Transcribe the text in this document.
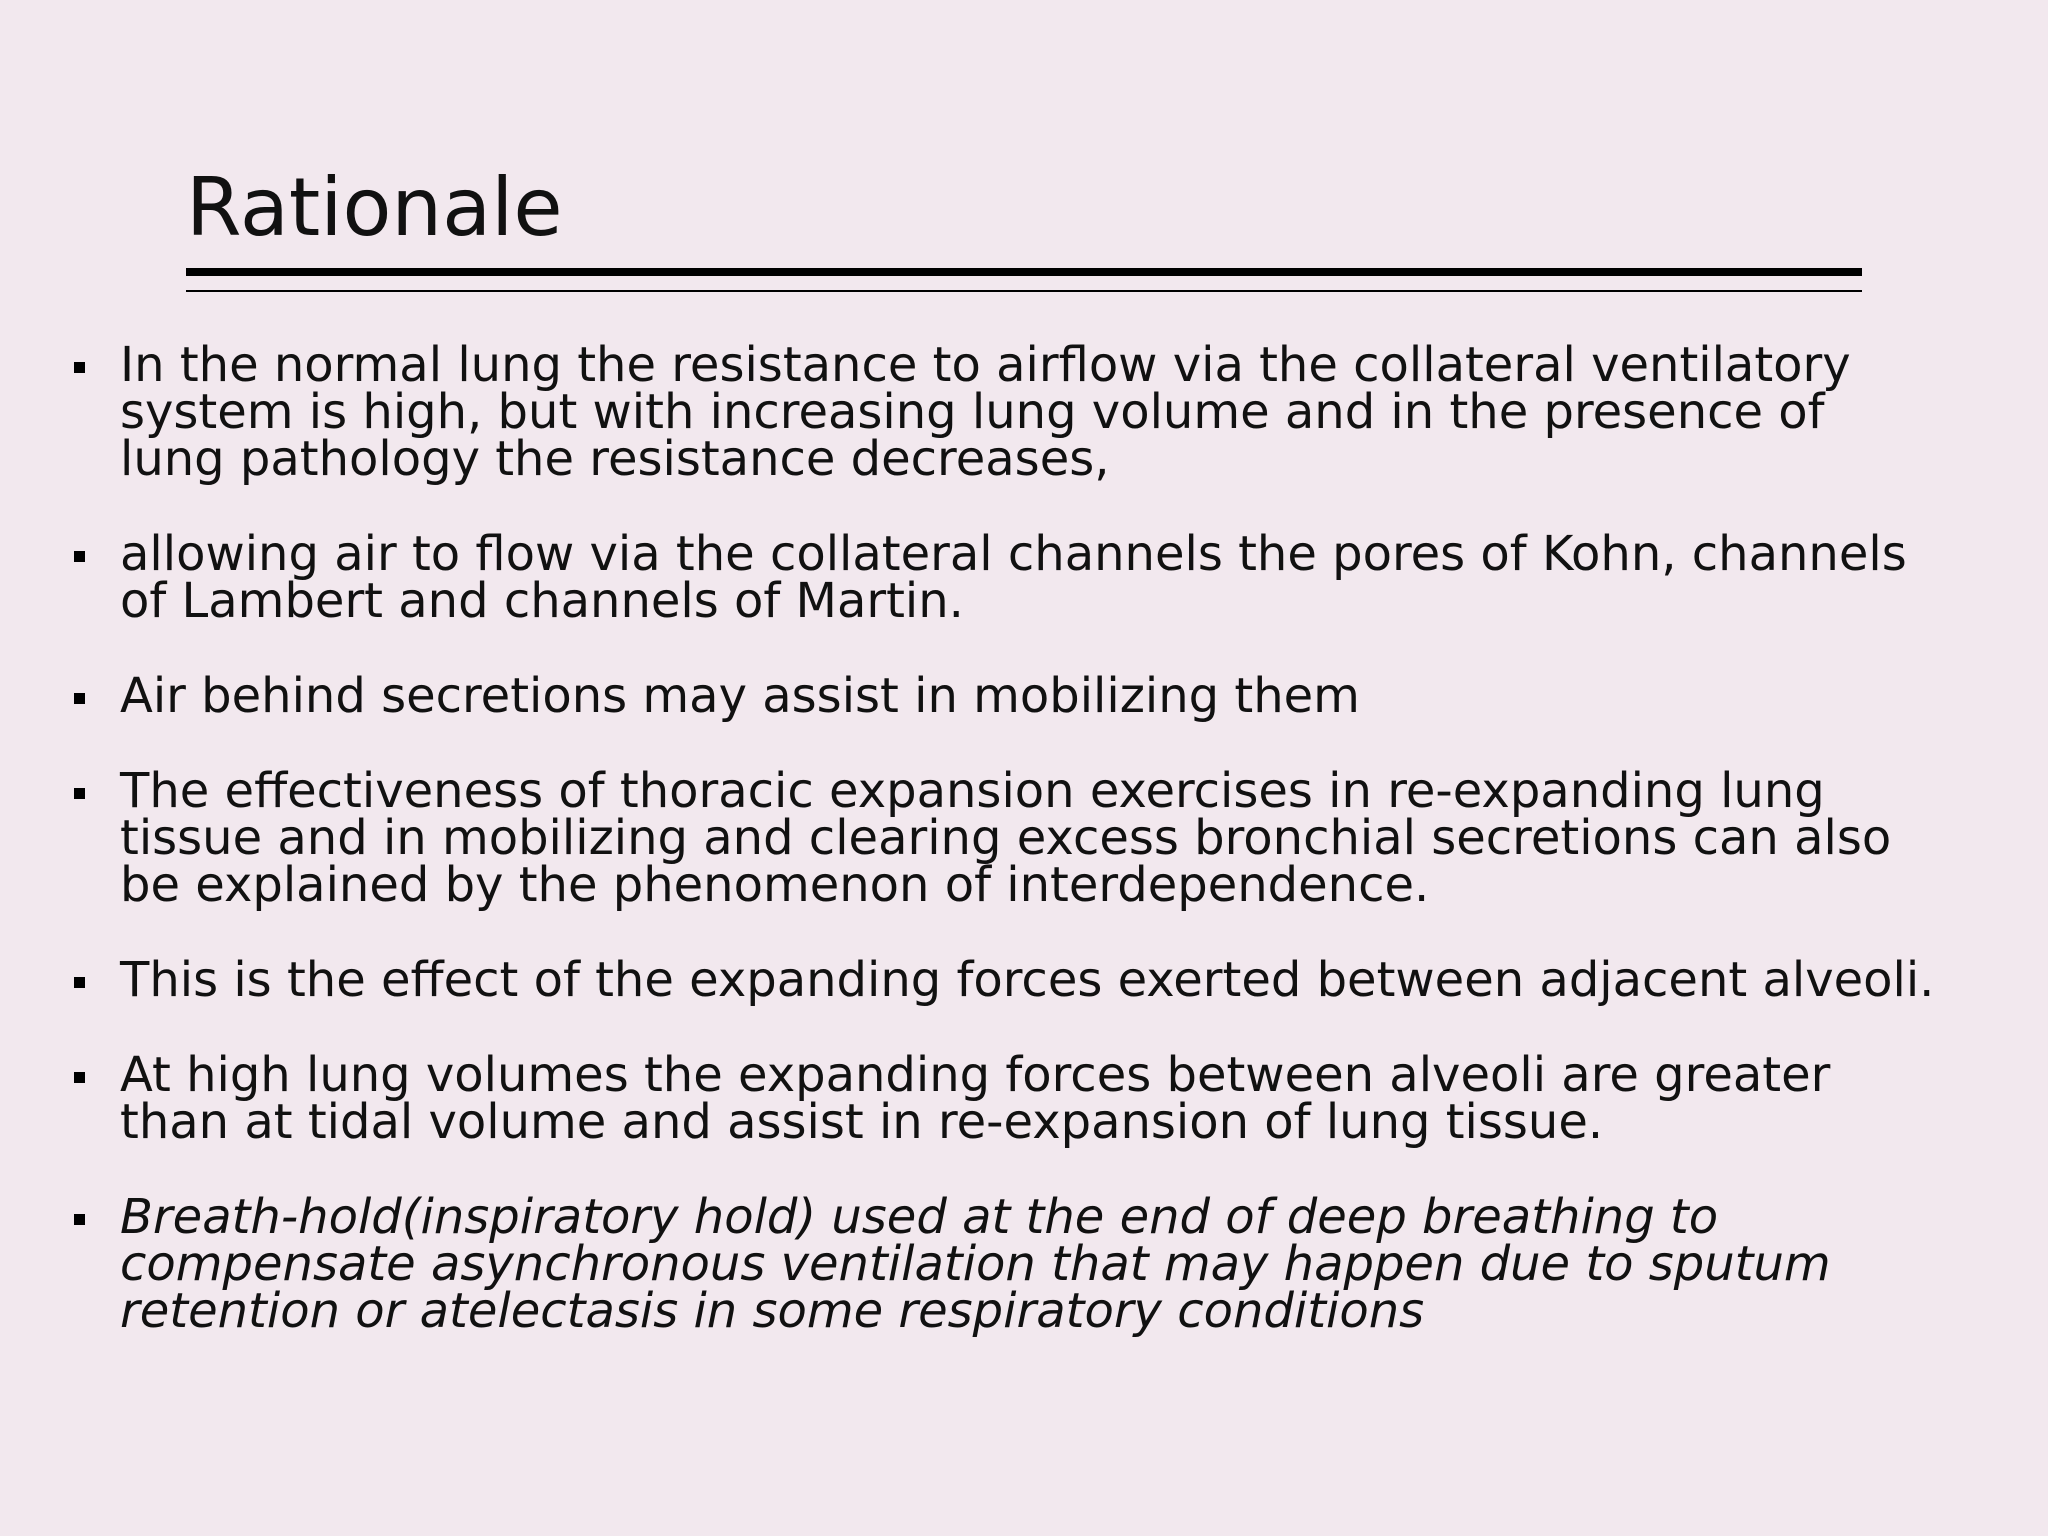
Rationale
In the normal lung the resistance to airflow via the collateral ventilatory
system is high, but with increasing lung volume and in the presence of
lung pathology the resistance decreases,
allowing air to flow via the collateral channels the pores of Kohn, channels
of Lambert and channels of Martin.
Air behind secretions may assist in mobilizing them
The effectiveness of thoracic expansion exercises in re-expanding lung
tissue and in mobilizing and clearing excess bronchial secretions can also
be explained by the phenomenon of interdependence.
This is the effect of the expanding forces exerted between adjacent alveoli.
At high lung volumes the expanding forces between alveoli are greater
than at tidal volume and assist in re-expansion of lung tissue.
Breath-hold(inspiratory hold) used at the end of deep breathing to
compensate asynchronous ventilation that may happen due to sputum
retention or atelectasis in some respiratory conditions
